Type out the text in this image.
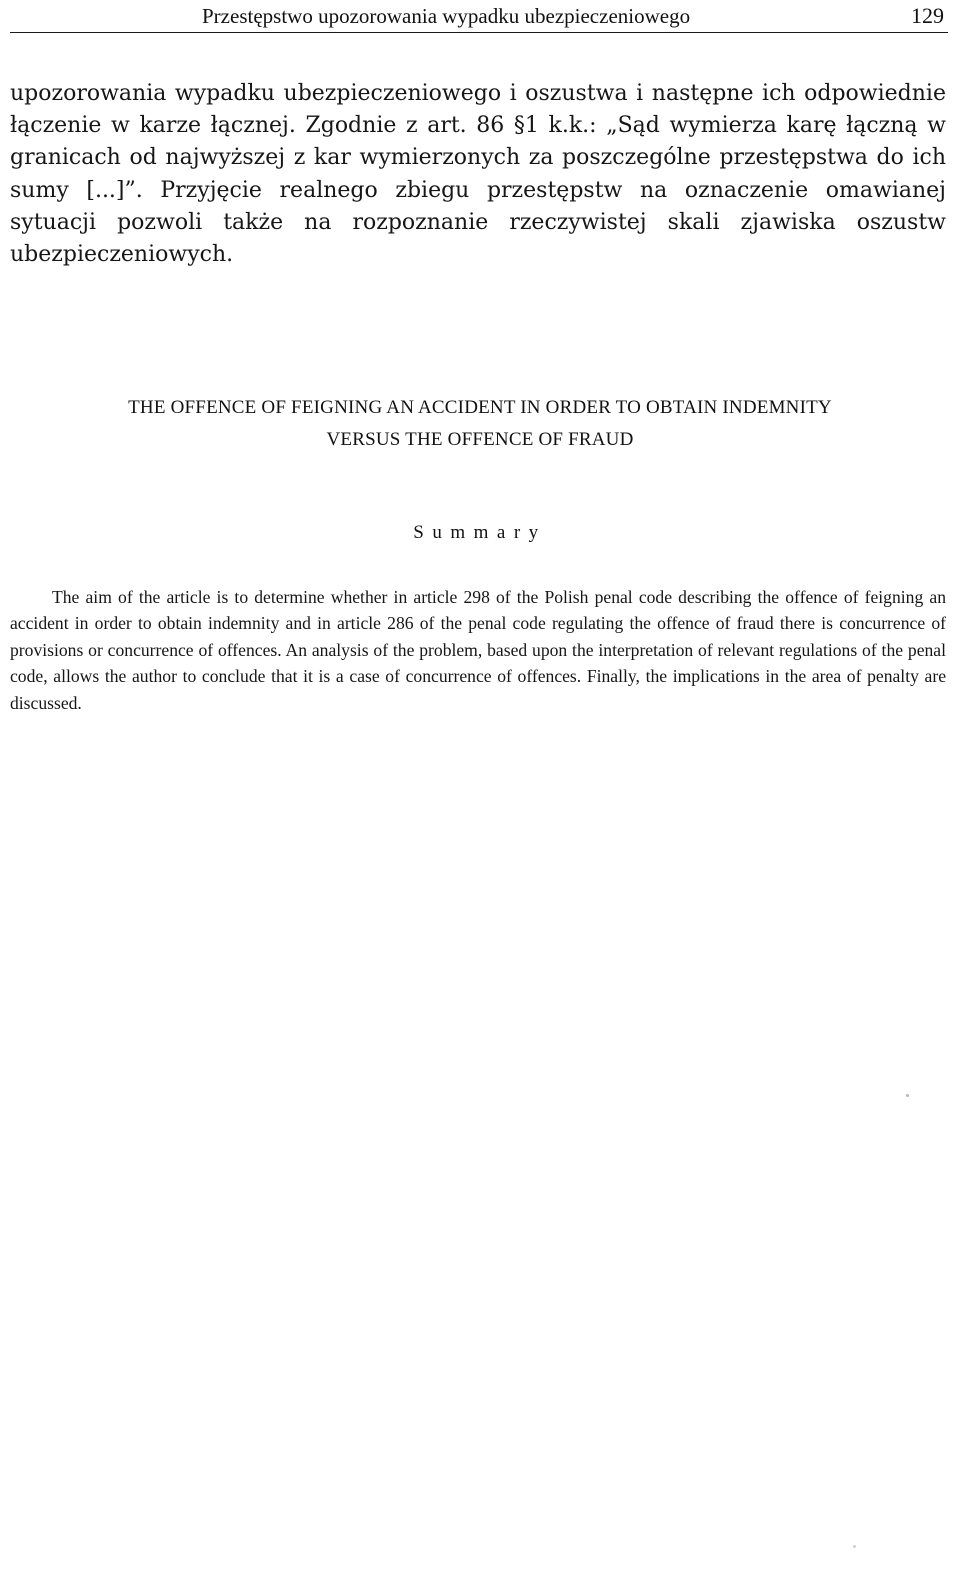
Przestępstwo upozorowania wypadku ubezpieczeniowego	129

upozorowania wypadku ubezpieczeniowego i oszustwa i następne ich odpowiednie łączenie w karze łącznej. Zgodnie z art. 86 §1 k.k.: „Sąd wymierza karę łączną w granicach od najwyższej z kar wymierzonych za poszczególne przestępstwa do ich sumy [...]”. Przyjęcie realnego zbiegu przestępstw na oznaczenie omawianej sytuacji pozwoli także na rozpoznanie rzeczywistej skali zjawiska oszustw ubezpieczeniowych.

THE OFFENCE OF FEIGNING AN ACCIDENT IN ORDER TO OBTAIN INDEMNITY
VERSUS THE OFFENCE OF FRAUD
Summary

The aim of the article is to determine whether in article 298 of the Polish penal code describing the offence of feigning an accident in order to obtain indemnity and in article 286 of the penal code regulating the offence of fraud there is concurrence of provisions or concurrence of offences. An analysis of the problem, based upon the interpretation of relevant regulations of the penal code, allows the author to conclude that it is a case of concurrence of offences. Finally, the implications in the area of penalty are discussed.
